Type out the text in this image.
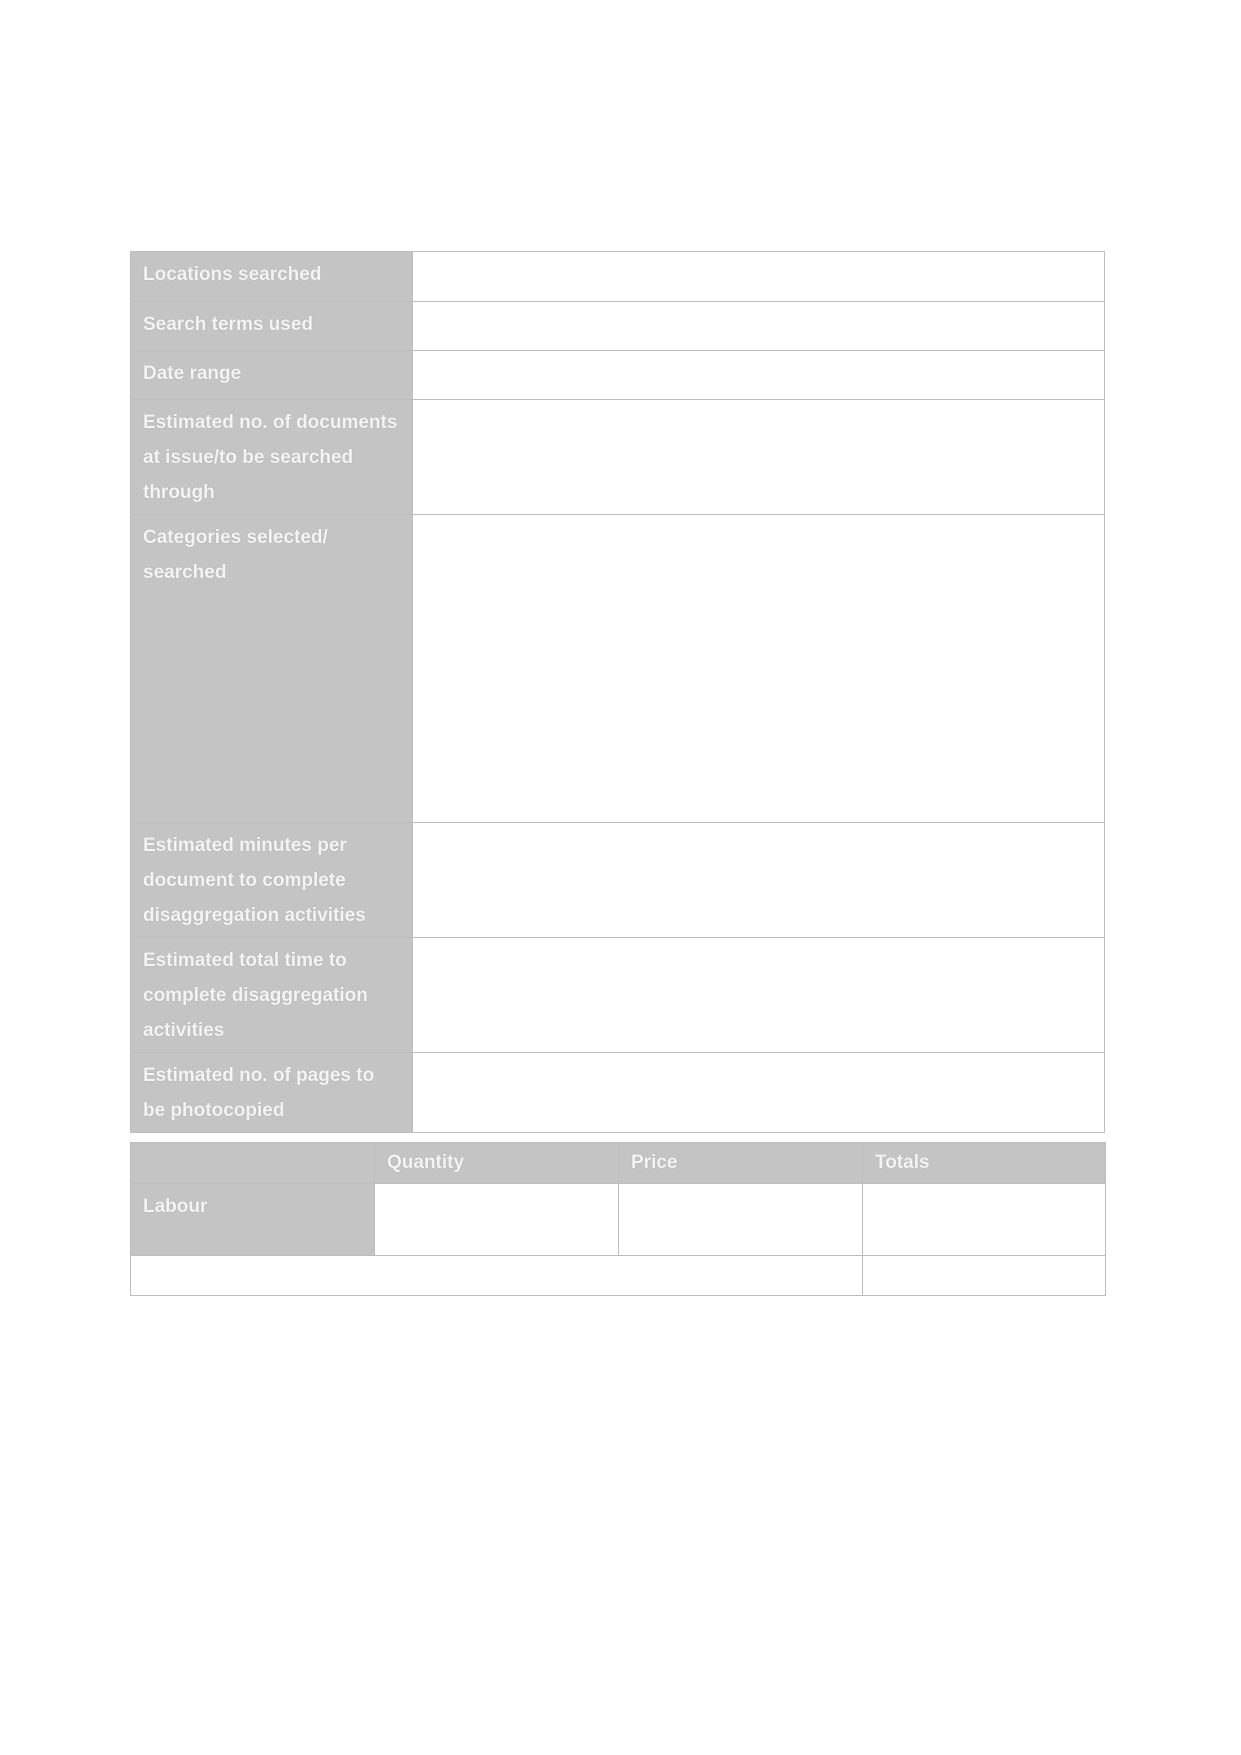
Locations searched	
Search terms used	
Date range	
Estimated no. of documents at issue/to be searched through	
Categories selected/ searched	
Estimated minutes per document to complete disaggregation activities	
Estimated total time to complete disaggregation activities	
Estimated no. of pages to be photocopied	
	Quantity	Price	Totals
Labour			
